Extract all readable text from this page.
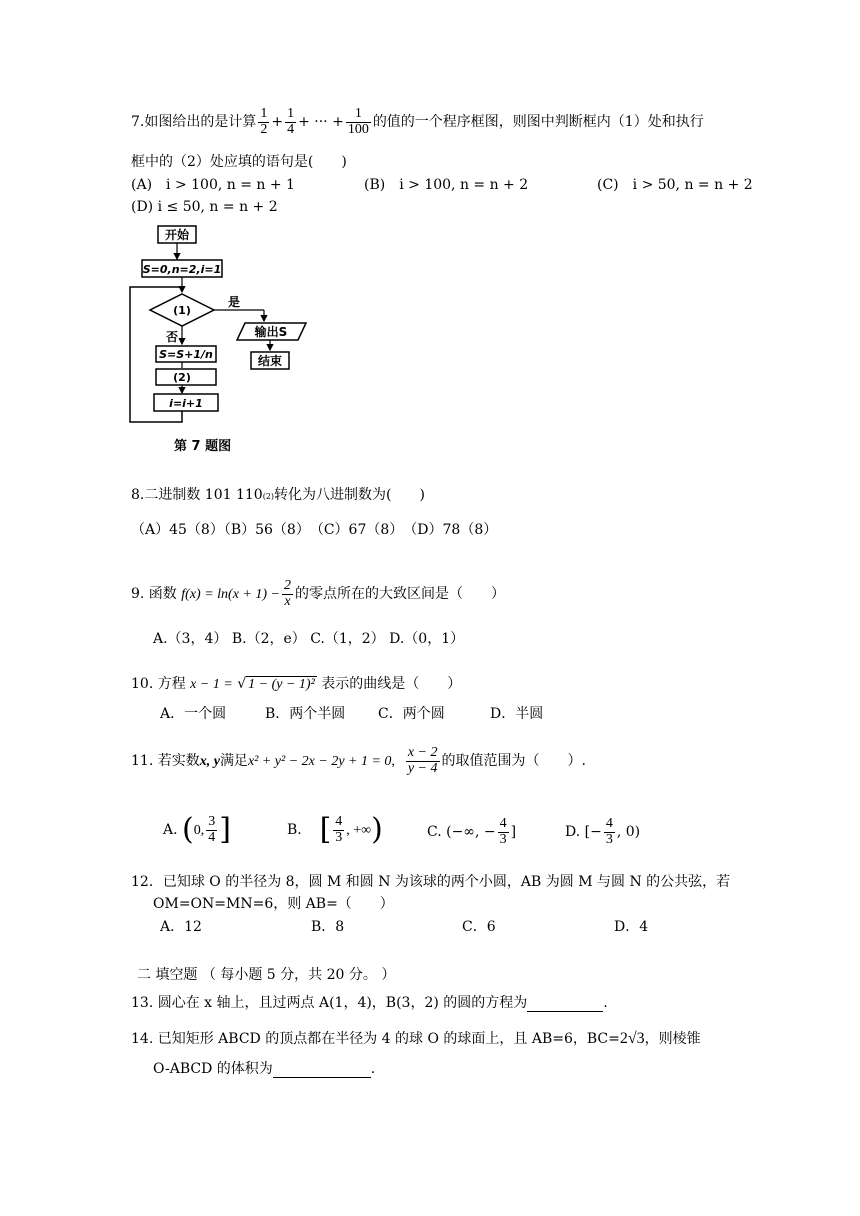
7.如图给出的是计算 $\frac{1}{2} + \frac{1}{4}$ + ··· + $\frac{1}{100}$ 的值的一个程序框图，则图中判断框内（1）处和执行
框中的（2）处应填的语句是(　　)
(A)　i > 100, n = n + 1	(B)　i > 100, n = n + 2	(C)　i > 50, n = n + 2
(D) i ≤ 50, n = n + 2
开始
S=0,n=2,i=1
(1)
是
输出S
结束
否
S=S+1/n
(2)
i=i+1
第 7 题图
8.二进制数 101 110(2)转化为八进制数为(　　)
（A）45（8）（B）56（8）　（C）67（8）　（D）78（8）
9. 函数 $f(x) = \ln(x + 1) - \frac{2}{x}$ 的零点所在的大致区间是（　　）
A.（3，4） B.（2，e） C.（1，2） D.（0，1）
10. 方程 x − 1 = √ 1 − (y − 1)² 表示的曲线是（　　）
A．一个圆	B．两个半圆 C．两个圆	D．半圆
11. 若实数x, y满足x² + y² − 2x − 2y + 1 = 0, $\frac{x - 2}{y - 4}$ 的取值范围为（　　）.
A. (0, $\frac{3}{4}$ ]	B. [ $\frac{4}{3}$ , +∞)	C. (−∞, − $\frac{4}{3}$ ]	D. [− $\frac{4}{3}$ , 0)
12．已知球 O 的半径为 8，圆 M 和圆 N 为该球的两个小圆，AB 为圆 M 与圆 N 的公共弦，若
OM=ON=MN=6，则 AB=（　　）
A．12	B．8	C．6	D．4
二 填空题 （ 每小题 5 分，共 20 分。 ）
13. 圆心在 x 轴上，且过两点 A(1，4)，B(3，2) 的圆的方程为	.
14. 已知矩形 ABCD 的顶点都在半径为 4 的球 O 的球面上，且 AB=6，BC=2√3，则棱锥
O-ABCD 的体积为	.
